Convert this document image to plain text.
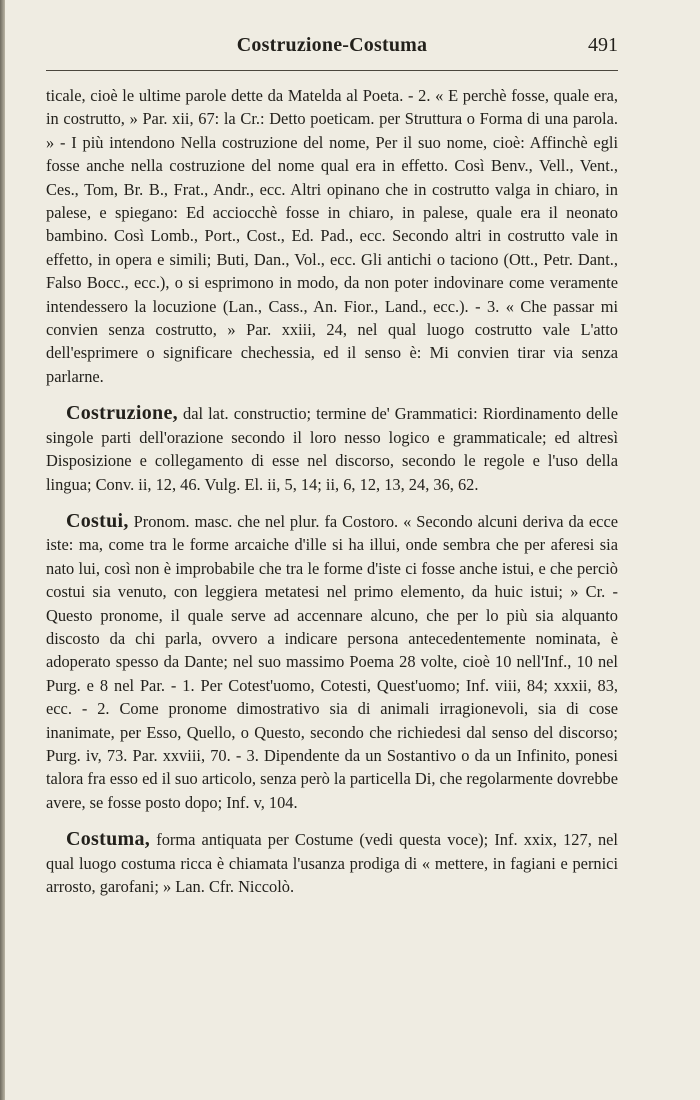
Costruzione-Costuma	491

ticale, cioè le ultime parole dette da Matelda al Poeta. - 2. « E perchè fosse, quale era, in costrutto, » Par. xii, 67: la Cr.: Detto poeticam. per Struttura o Forma di una parola. » - I più intendono Nella costruzione del nome, Per il suo nome, cioè: Affinchè egli fosse anche nella costruzione del nome qual era in effetto. Così Benv., Vell., Vent., Ces., Tom, Br. B., Frat., Andr., ecc. Altri opinano che in costrutto valga in chiaro, in palese, e spiegano: Ed acciocchè fosse in chiaro, in palese, quale era il neonato bambino. Così Lomb., Port., Cost., Ed. Pad., ecc. Secondo altri in costrutto vale in effetto, in opera e simili; Buti, Dan., Vol., ecc. Gli antichi o taciono (Ott., Petr. Dant., Falso Bocc., ecc.), o si esprimono in modo, da non poter indovinare come veramente intendessero la locuzione (Lan., Cass., An. Fior., Land., ecc.). - 3. « Che passar mi convien senza costrutto, » Par. xxiii, 24, nel qual luogo costrutto vale L'atto dell'esprimere o significare chechessia, ed il senso è: Mi convien tirar via senza parlarne.

Costruzione, dal lat. constructio; termine de' Grammatici: Riordinamento delle singole parti dell'orazione secondo il loro nesso logico e grammaticale; ed altresì Disposizione e collegamento di esse nel discorso, secondo le regole e l'uso della lingua; Conv. ii, 12, 46. Vulg. El. ii, 5, 14; ii, 6, 12, 13, 24, 36, 62.

Costui, Pronom. masc. che nel plur. fa Costoro. « Secondo alcuni deriva da ecce iste: ma, come tra le forme arcaiche d'ille si ha illui, onde sembra che per aferesi sia nato lui, così non è improbabile che tra le forme d'iste ci fosse anche istui, e che perciò costui sia venuto, con leggiera metatesi nel primo elemento, da huic istui; » Cr. - Questo pronome, il quale serve ad accennare alcuno, che per lo più sia alquanto discosto da chi parla, ovvero a indicare persona antecedentemente nominata, è adoperato spesso da Dante; nel suo massimo Poema 28 volte, cioè 10 nell'Inf., 10 nel Purg. e 8 nel Par. - 1. Per Cotest'uomo, Cotesti, Quest'uomo; Inf. viii, 84; xxxii, 83, ecc. - 2. Come pronome dimostrativo sia di animali irragionevoli, sia di cose inanimate, per Esso, Quello, o Questo, secondo che richiedesi dal senso del discorso; Purg. iv, 73. Par. xxviii, 70. - 3. Dipendente da un Sostantivo o da un Infinito, ponesi talora fra esso ed il suo articolo, senza però la particella Di, che regolarmente dovrebbe avere, se fosse posto dopo; Inf. v, 104.

Costuma, forma antiquata per Costume (vedi questa voce); Inf. xxix, 127, nel qual luogo costuma ricca è chiamata l'usanza prodiga di « mettere, in fagiani e pernici arrosto, garofani; » Lan. Cfr. Niccolò.
